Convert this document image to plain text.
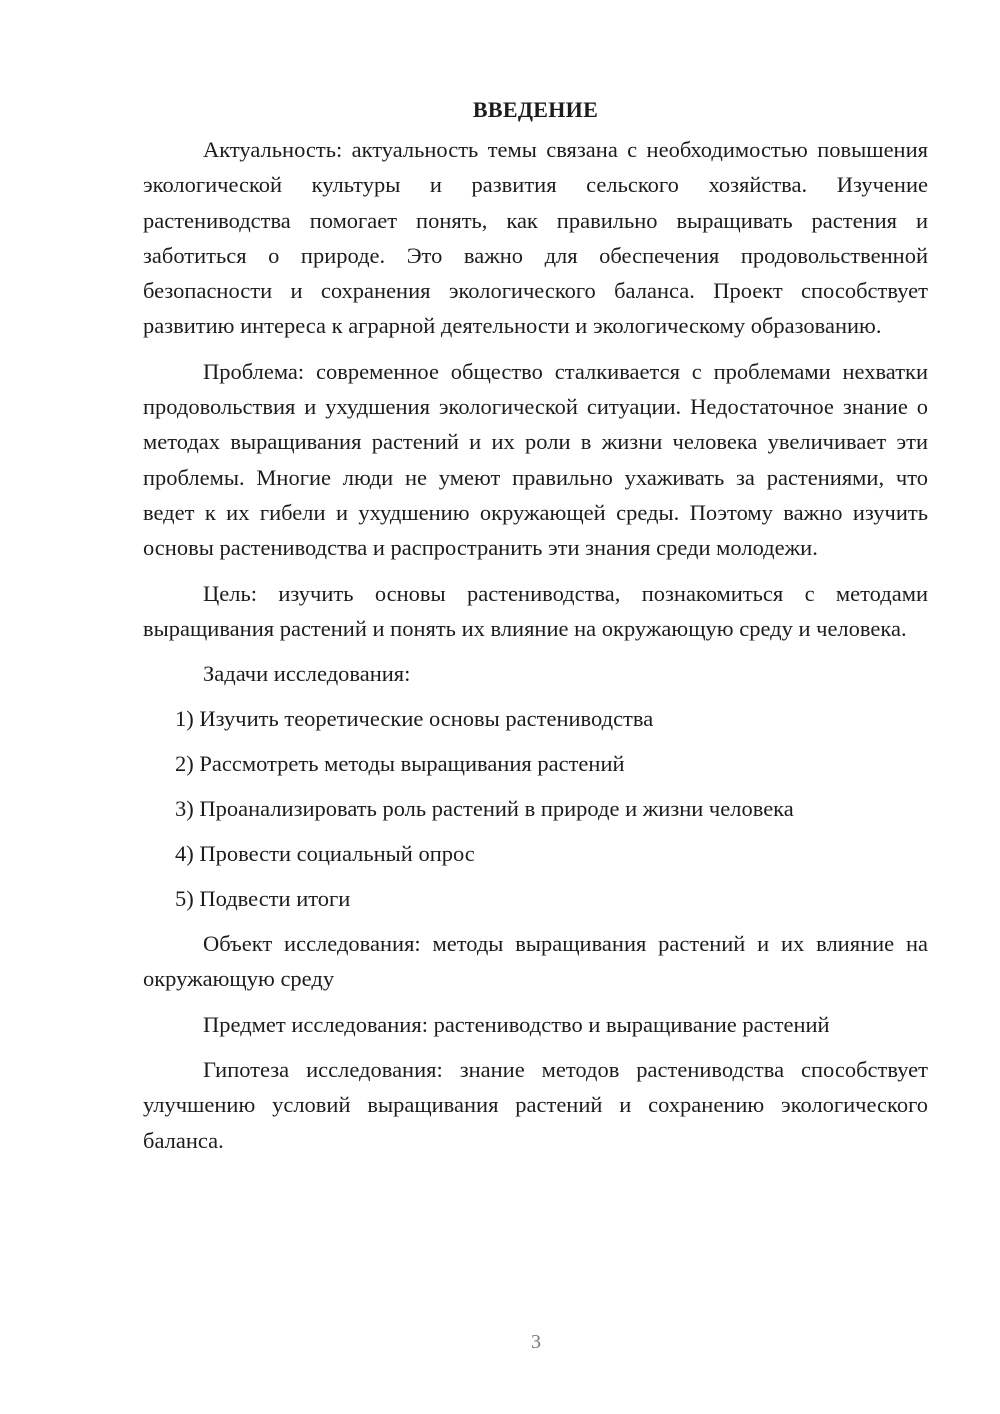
ВВЕДЕНИЕ

Актуальность: актуальность темы связана с необходимостью повышения экологической культуры и развития сельского хозяйства. Изучение растениводства помогает понять, как правильно выращивать растения и заботиться о природе. Это важно для обеспечения продовольственной безопасности и сохранения экологического баланса. Проект способствует развитию интереса к аграрной деятельности и экологическому образованию.

Проблема: современное общество сталкивается с проблемами нехватки продовольствия и ухудшения экологической ситуации. Недостаточное знание о методах выращивания растений и их роли в жизни человека увеличивает эти проблемы. Многие люди не умеют правильно ухаживать за растениями, что ведет к их гибели и ухудшению окружающей среды. Поэтому важно изучить основы растениводства и распространить эти знания среди молодежи.

Цель: изучить основы растениводства, познакомиться с методами выращивания растений и понять их влияние на окружающую среду и человека.

Задачи исследования:

1) Изучить теоретические основы растениводства
2) Рассмотреть методы выращивания растений
3) Проанализировать роль растений в природе и жизни человека
4) Провести социальный опрос
5) Подвести итоги

Объект исследования: методы выращивания растений и их влияние на окружающую среду

Предмет исследования: растениводство и выращивание растений

Гипотеза исследования: знание методов растениводства способствует улучшению условий выращивания растений и сохранению экологического баланса.

3
